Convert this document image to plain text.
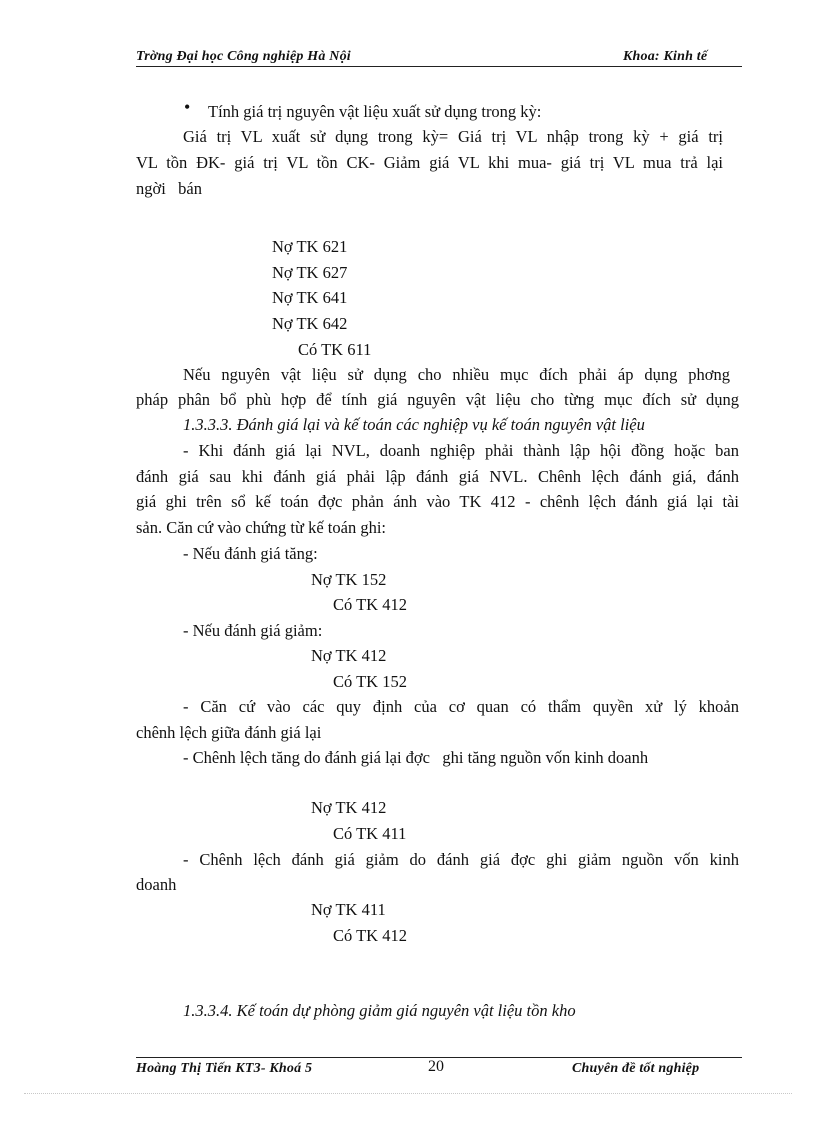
Trờng Đại học Công nghiệp Hà Nội	Khoa: Kinh tế
• Tính giá trị nguyên vật liệu xuất sử dụng trong kỳ:
Giá trị VL xuất sử dụng trong kỳ= Giá trị VL nhập trong kỳ + giá trị
VL tồn ĐK- giá trị VL tồn CK- Giảm giá VL khi mua- giá trị VL mua trả lại
ngời   bán
Nợ TK 621
Nợ TK 627
Nợ TK 641
Nợ TK 642
Có TK 611
Nếu nguyên vật liệu sử dụng cho nhiều mục đích phải áp dụng phơng
pháp phân bổ phù hợp để tính giá nguyên vật liệu cho từng mục đích sử dụng
1.3.3.3. Đánh giá lại và kế toán các nghiệp vụ kế toán nguyên vật liệu
- Khi đánh giá lại NVL, doanh nghiệp phải thành lập hội đồng hoặc ban
đánh giá sau khi đánh giá phải lập đánh giá NVL. Chênh lệch đánh giá, đánh
giá ghi trên sổ kế toán đợc phản ánh vào TK 412 - chênh lệch đánh giá lại tài
sản. Căn cứ vào chứng từ kế toán ghi:
- Nếu đánh giá tăng:
Nợ TK 152
Có TK 412
- Nếu đánh giá giảm:
Nợ TK 412
Có TK 152
- Căn cứ vào các quy định của cơ quan có thẩm quyền xử lý khoản
chênh lệch giữa đánh giá lại
- Chênh lệch tăng do đánh giá lại đợc   ghi tăng nguồn vốn kinh doanh
Nợ TK 412
Có TK 411
- Chênh lệch đánh giá giảm do đánh giá đợc ghi giảm nguồn vốn kinh
doanh
Nợ TK 411
Có TK 412
1.3.3.4. Kế toán dự phòng giảm giá nguyên vật liệu tồn kho
Hoàng Thị Tiến KT3- Khoá 5	20	Chuyên đề tốt nghiệp
